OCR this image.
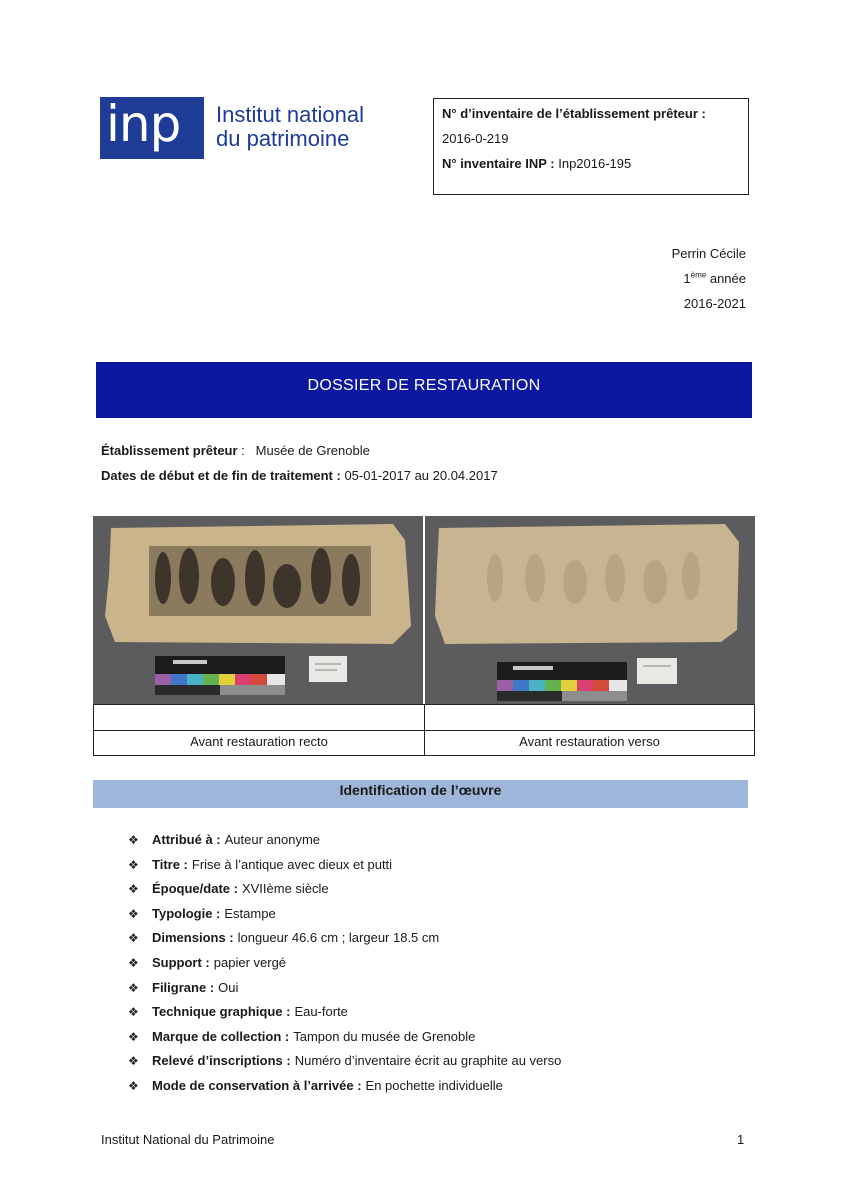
inp Institut national
du patrimoine
N° d’inventaire de l’établissement prêteur :
2016-0-219
N° inventaire INP : Inp2016-195
Perrin Cécile
1ème année
2016-2021
DOSSIER DE RESTAURATION
Établissement prêteur : Musée de Grenoble
Dates de début et de fin de traitement : 05-01-2017 au 20.04.2017
Avant restauration recto	Avant restauration verso
Identification de l’œuvre
❖	Attribué à : Auteur anonyme
❖	Titre : Frise à l’antique avec dieux et putti
❖	Époque/date : XVIIème siècle
❖	Typologie : Estampe
❖	Dimensions : longueur 46.6 cm ; largeur 18.5 cm
❖	Support : papier vergé
❖	Filigrane : Oui
❖	Technique graphique : Eau-forte
❖	Marque de collection : Tampon du musée de Grenoble
❖	Relevé d’inscriptions : Numéro d’inventaire écrit au graphite au verso
❖	Mode de conservation à l’arrivée : En pochette individuelle
Institut National du Patrimoine	1
